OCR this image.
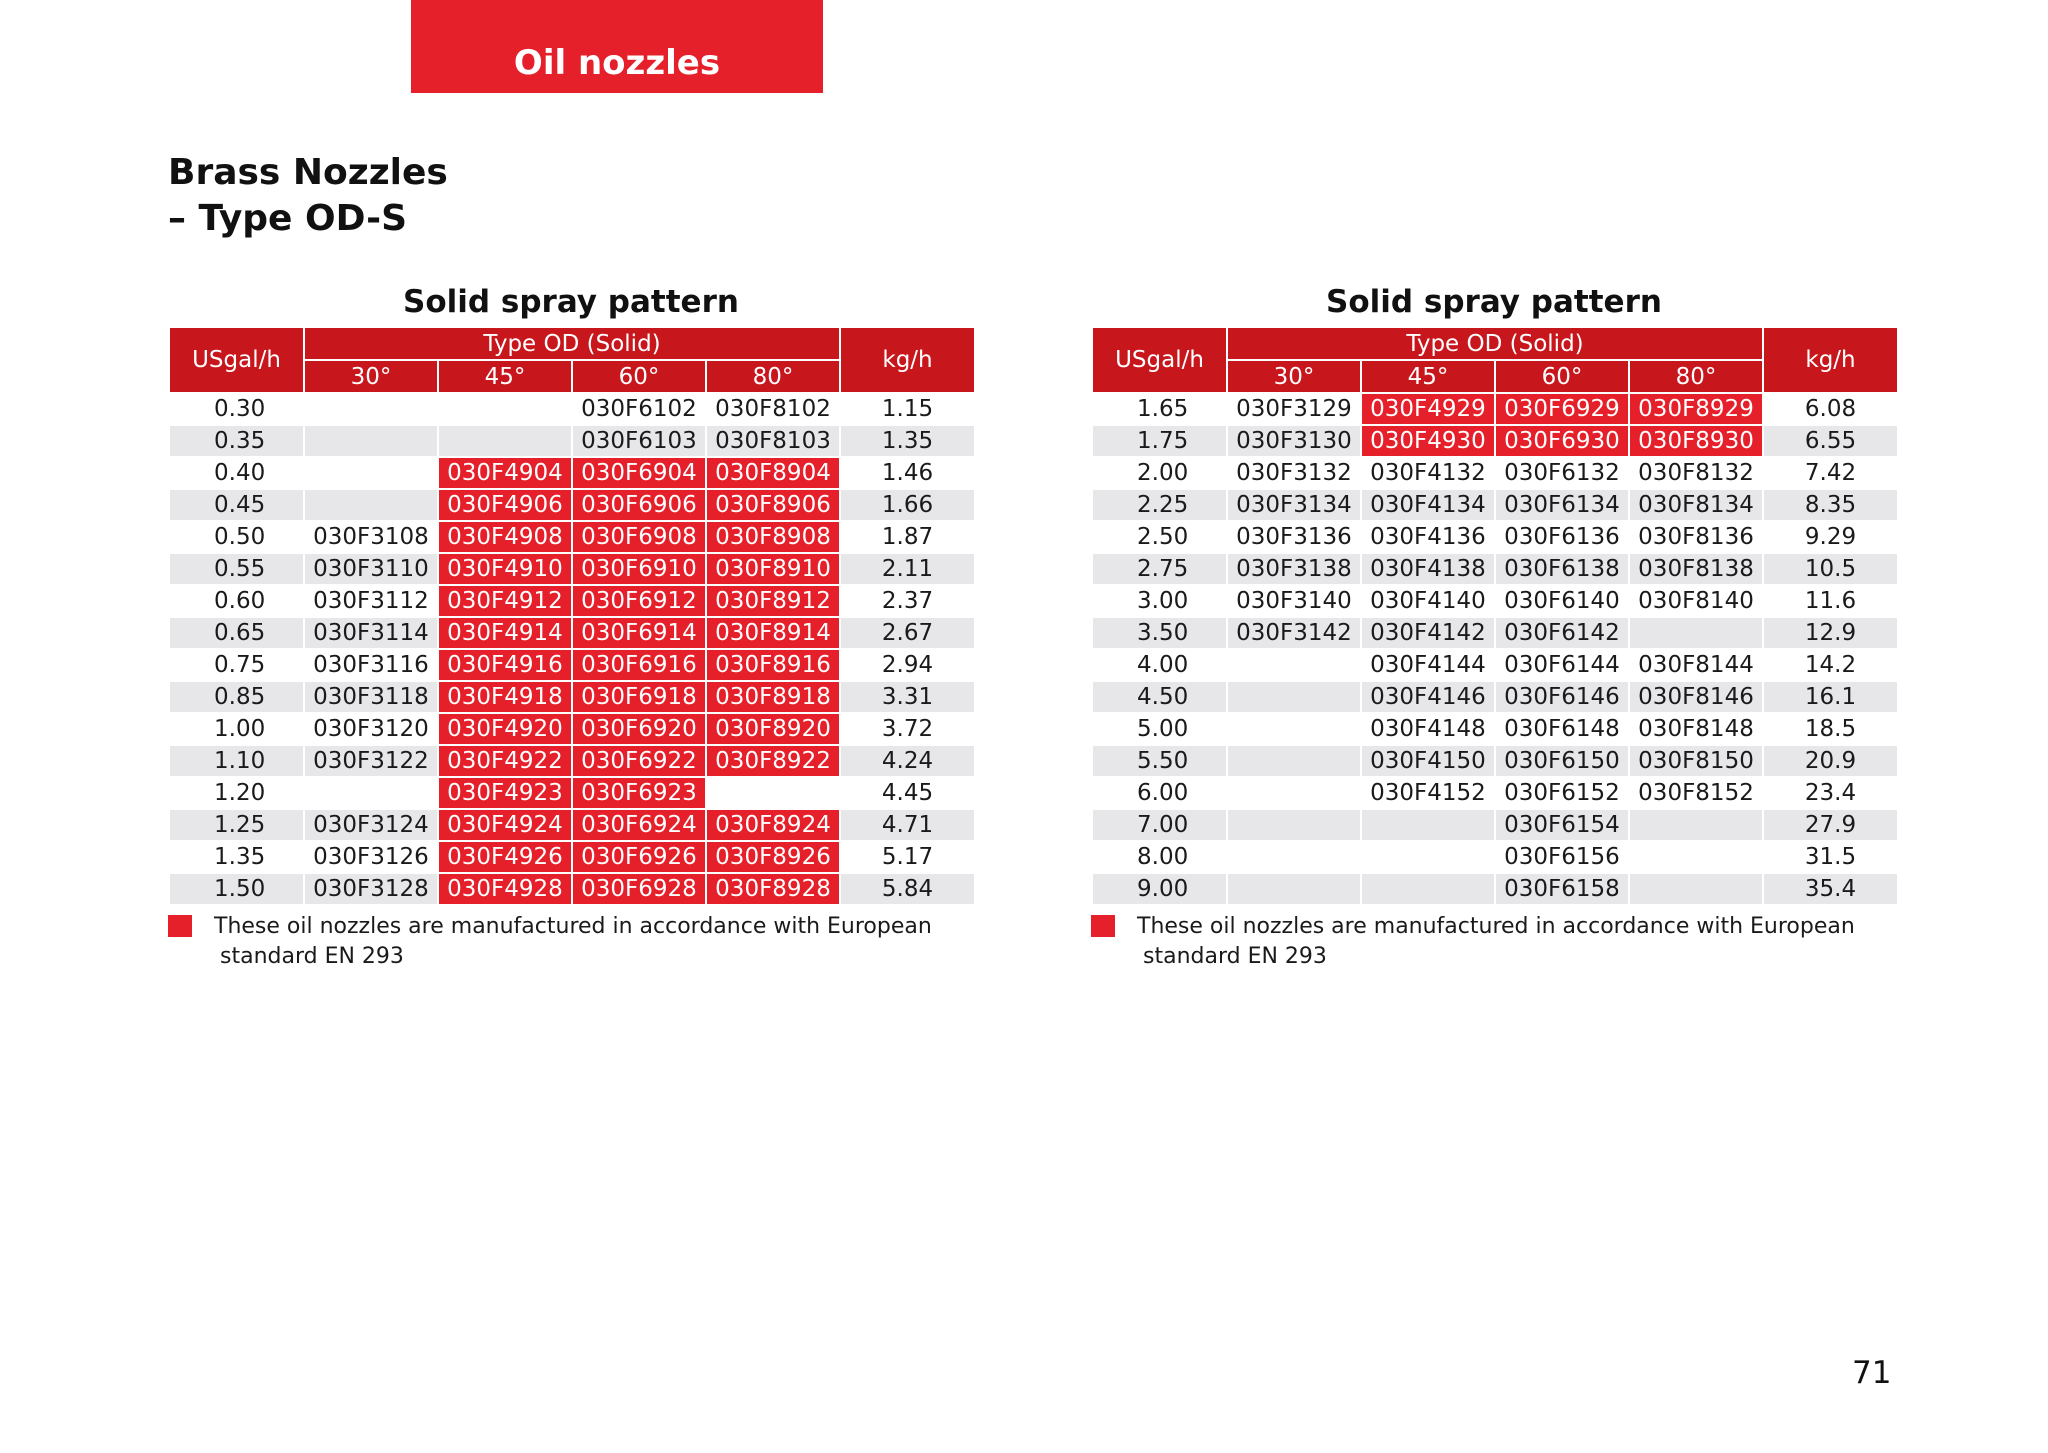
Oil nozzles
Brass Nozzles
– Type OD-S
Solid spray pattern
USgal/h	Type OD (Solid)				kg/h
	30°	45°	60°	80°	
0.30			030F6102	030F8102	1.15
0.35			030F6103	030F8103	1.35
0.40		030F4904	030F6904	030F8904	1.46
0.45		030F4906	030F6906	030F8906	1.66
0.50	030F3108	030F4908	030F6908	030F8908	1.87
0.55	030F3110	030F4910	030F6910	030F8910	2.11
0.60	030F3112	030F4912	030F6912	030F8912	2.37
0.65	030F3114	030F4914	030F6914	030F8914	2.67
0.75	030F3116	030F4916	030F6916	030F8916	2.94
0.85	030F3118	030F4918	030F6918	030F8918	3.31
1.00	030F3120	030F4920	030F6920	030F8920	3.72
1.10	030F3122	030F4922	030F6922	030F8922	4.24
1.20		030F4923	030F6923		4.45
1.25	030F3124	030F4924	030F6924	030F8924	4.71
1.35	030F3126	030F4926	030F6926	030F8926	5.17
1.50	030F3128	030F4928	030F6928	030F8928	5.84
These oil nozzles are manufactured in accordance with European
standard EN 293
Solid spray pattern
USgal/h	Type OD (Solid)				kg/h
	30°	45°	60°	80°	
1.65	030F3129	030F4929	030F6929	030F8929	6.08
1.75	030F3130	030F4930	030F6930	030F8930	6.55
2.00	030F3132	030F4132	030F6132	030F8132	7.42
2.25	030F3134	030F4134	030F6134	030F8134	8.35
2.50	030F3136	030F4136	030F6136	030F8136	9.29
2.75	030F3138	030F4138	030F6138	030F8138	10.5
3.00	030F3140	030F4140	030F6140	030F8140	11.6
3.50	030F3142	030F4142	030F6142		12.9
4.00		030F4144	030F6144	030F8144	14.2
4.50		030F4146	030F6146	030F8146	16.1
5.00		030F4148	030F6148	030F8148	18.5
5.50		030F4150	030F6150	030F8150	20.9
6.00		030F4152	030F6152	030F8152	23.4
7.00			030F6154		27.9
8.00			030F6156		31.5
9.00			030F6158		35.4
These oil nozzles are manufactured in accordance with European
standard EN 293
71
